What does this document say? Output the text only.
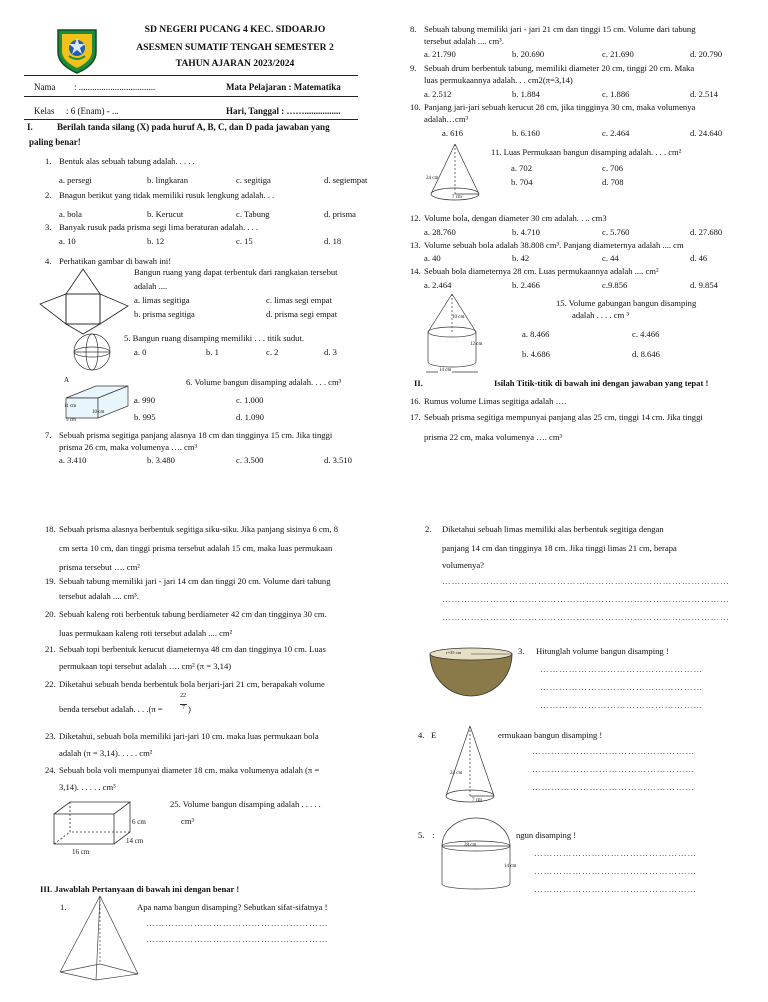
SD NEGERI PUCANG 4 KEC. SIDOARJO
ASESMEN SUMATIF TENGAH SEMESTER 2
TAHUN AJARAN 2023/2024
Nama : ..................................	Mata Pelajaran : Matematika
Kelas : 6 (Enam) - ...	Hari, Tanggal : ……................
I.	Berilah tanda silang (X) pada huruf A, B, C, dan D pada jawaban yang
paling benar!
1. Bentuk alas sebuah tabung adalah. . . . .
a. persegi	b. lingkaran	c. segitiga	d. segiempat
2. Bnagun berikut yang tidak memiliki rusuk lengkung adalah. . .
a. bola	b. Kerucut	c. Tabung	d. prisma
3. Banyak rusuk pada prisma segi lima beraturan adalah. . . .
a. 10	b. 12	c. 15	d. 18
4. Perhatikan gambar di bawah ini!
Bangun ruang yang dapat terbentuk dari rangkaian tersebut
adalah ....
a. limas segitiga	c. limas segi empat
b. prisma segitiga	d. prisma segi empat
5. Bangun ruang disamping memiliki . . . titik sudut.
a. 0	b. 1	c. 2	d. 3
A
11 cm
10 cm
9 cm
6. Volume bangun disamping adalah. . . . cm³
a. 990	c. 1.000
b. 995	d. 1.090
7. Sebuah prisma segitiga panjang alasnya 18 cm dan tingginya 15 cm. Jika tinggi
prisma 26 cm, maka volumenya …. cm³
a. 3.410	b. 3.480	c. 3.500	d. 3.510
8. Sebuah tabung memiliki jari - jari 21 cm dan tinggi 15 cm. Volume dari tabung
tersebut adalah .... cm³.
a. 21.790	b. 20.690	c. 21.690	d. 20.790
9. Sebuah drum berbentuk tabung, memiliki diameter 20 cm, tinggi 20 cm. Maka
luas permukaannya adalah. . . cm2(π=3,14)
a. 2.512	b. 1.884	c. 1.886	d. 2.514
10. Panjang jari-jari sebuah kerucut 28 cm, jika tingginya 30 cm, maka volumenya
adalah…cm³
a. 616	b. 6.160	c. 2.464	d. 24.640
24 cm
7 cm
11. Luas Permukaan bangun disamping adalah. . . . cm²
a. 702	c. 706
b. 704	d. 708
12. Volume bola, dengan diameter 30 cm adalah. . .. cm3
a. 28.760	b. 4.710	c. 5.760	d. 27.680
13. Volume sebuah bola adalah 38.808 cm³. Panjang diameternya adalah .... cm
a. 40	b. 42	c. 44	d. 46
14. Sebuah bola diameternya 28 cm. Luas permukaannya adalah .... cm²
a. 2.464	b. 2.466	c.9.856	d. 9.854
10 cm
12 cm
14 cm
15. Volume gabungan bangun disamping
adalah . . . . cm ³
a. 8.466	c. 4.466
b. 4.686	d. 8.646
II.	Isilah Titik-titik di bawah ini dengan jawaban yang tepat !
16. Rumus volume Limas segitiga adalah ….
17. Sebuah prisma segitiga mempunyai panjang alas 25 cm, tinggi 14 cm. Jika tinggi
prisma 22 cm, maka volumenya …. cm³
18. Sebuah prisma alasnya berbentuk segitiga siku-siku. Jika panjang sisinya 6 cm, 8
cm serta 10 cm, dan tinggi prisma tersebut adalah 15 cm, maka luas permukaan
prisma tersebut …. cm²
19. Sebuah tabung memiliki jari - jari 14 cm dan tinggi 20 cm. Volume dari tabung
tersebut adalah .... cm³.
20. Sebuah kaleng roti berbentuk tabung berdiameter 42 cm dan tingginya 30 cm.
luas permukaan kaleng roti tersebut adalah .... cm²
21. Sebuah topi berbentuk kerucut diameternya 48 cm dan tingginya 10 cm. Luas
permukaan topi tersebut adalah …. cm² (π = 3,14)
22. Diketahui sebuah benda berbentuk bola berjari-jari 21 cm, berapakah volume
benda tersebut adalah. . . .(π =
22
7 )
23. Diketahui, sebuah bola memiliki jari-jari 10 cm. maka luas permukaan bola
adalah (π = 3,14). . . . . cm²
24. Sebuah bola voli mempunyai diameter 18 cm. maka volumenya adalah (π =
3,14). . . . . . cm³
6 cm
14 cm
16 cm
25. Volume bangun disamping adalah . . . . .
cm³
III. Jawablah Pertanyaan di bawah ini dengan benar !
1.	Apa nama bangun disamping? Sebutkan sifat-sifatnya !
…………………………………………………
…………………………………………………
2. Diketahui sebuah limas memiliki alas berbentuk segitiga dengan
panjang 14 cm dan tingginya 18 cm. Jika tinggi limas 21 cm, berapa
volumenya?
………………………………………………………………………………
………………………………………………………………………………
………………………………………………………………………………
r=35 cm	3. Hitunglah volume bangun disamping !
……………………………………………
……………………………………………
……………………………………………
4. E
24 cm
7 cm
ermukaan bangun disamping !
……………………………………………
……………………………………………
……………………………………………
5. :
28 cm
14 cm
ngun disamping !
……………………………………………
……………………………………………
……………………………………………
